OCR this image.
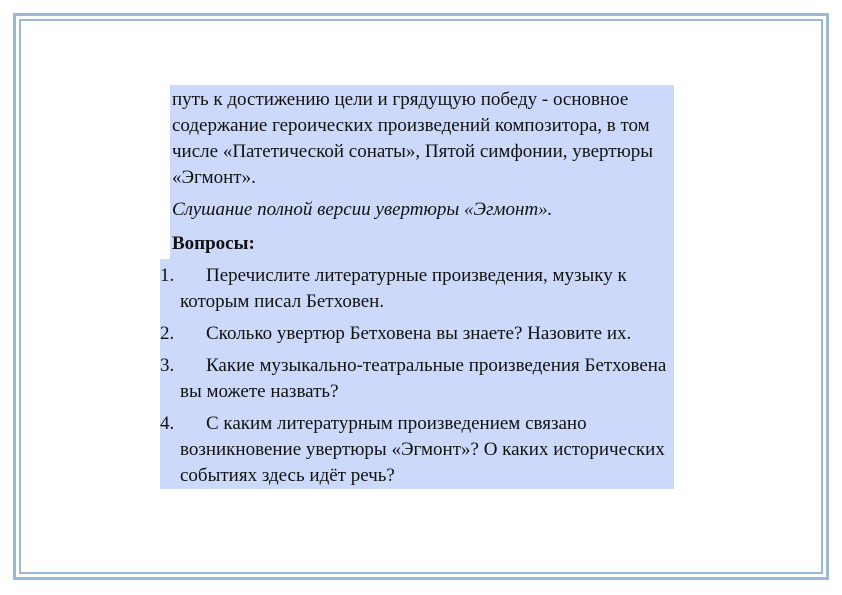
путь к достижению цели и грядущую победу - основное содержание героических произведений композитора, в том числе «Патетической сонаты», Пятой симфонии, увертюры «Эгмонт».

Слушание полной версии увертюры «Эгмонт».

Вопросы:

1.	Перечислите литературные произведения, музыку к которым писал Бетховен.
2.	Сколько увертюр Бетховена вы знаете? Назовите их.
3.	Какие музыкально-театральные произведения Бетховена вы можете назвать?
4.	С каким литературным произведением связано возникновение увертюры «Эгмонт»? О каких исторических событиях здесь идёт речь?
